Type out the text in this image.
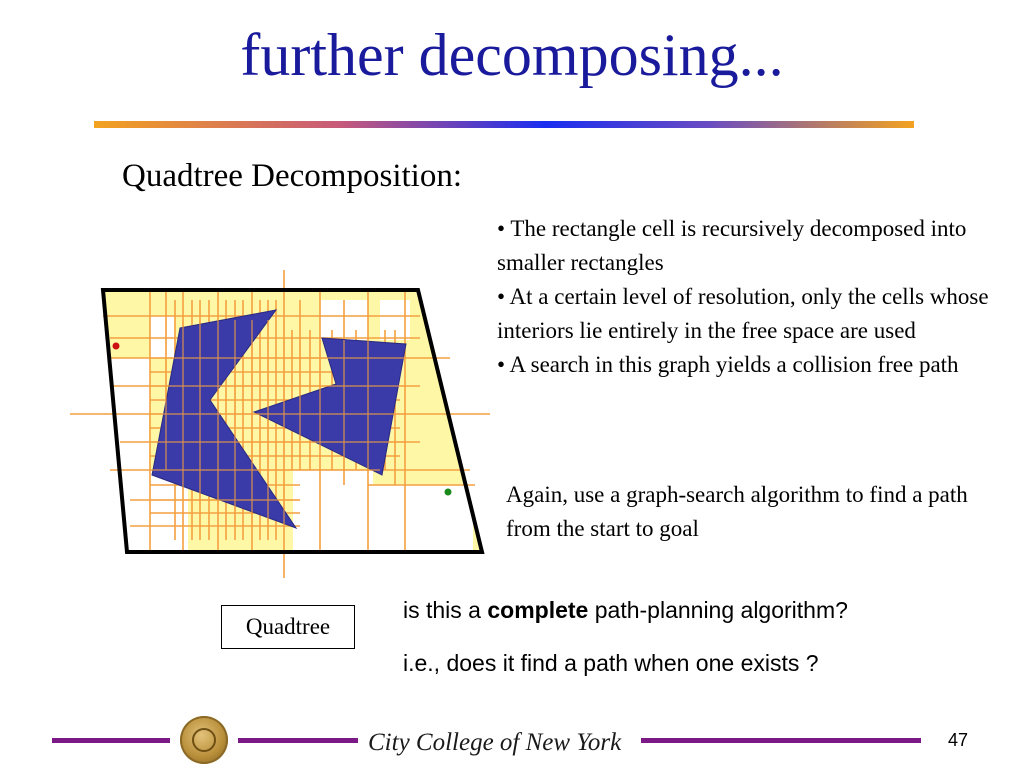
further decomposing...
Quadtree Decomposition:

• The rectangle cell is recursively decomposed into smaller rectangles

• At a certain level of resolution, only the cells whose interiors lie entirely in the free space are used

• A search in this graph yields a collision free path

Again, use a graph-search algorithm to find a path from the start to goal
is this a complete path-planning algorithm?
i.e., does it find a path when one exists ?
Quadtree
City College of New York	47
